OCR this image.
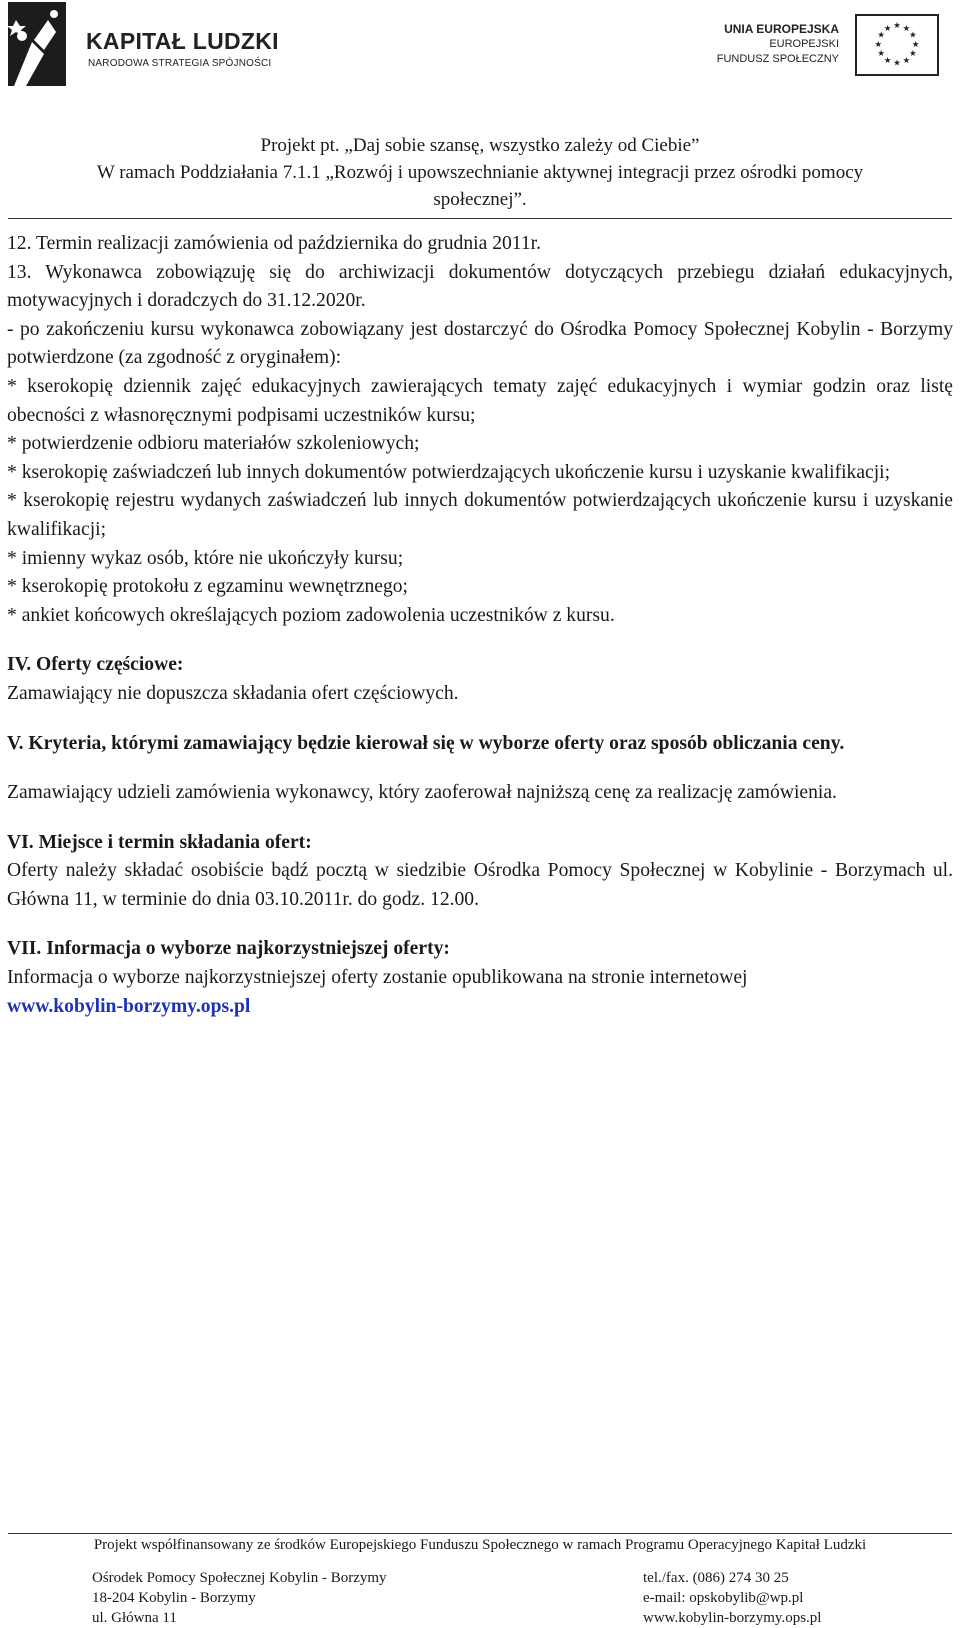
KAPITAŁ LUDZKI
NARODOWA STRATEGIA SPÓJNOŚCI
UNIA EUROPEJSKA
EUROPEJSKI
FUNDUSZ SPOŁECZNY
★ ★
★
★
★
★
★
★
★
★
★
★
Projekt pt. „Daj sobie szansę, wszystko zależy od Ciebie”
W ramach Poddziałania 7.1.1 „Rozwój i upowszechnianie aktywnej integracji przez ośrodki pomocy
społecznej”.

12. Termin realizacji zamówienia od października do grudnia 2011r.

13. Wykonawca zobowiązuję się do archiwizacji dokumentów dotyczących przebiegu działań edukacyjnych, motywacyjnych i doradczych do 31.12.2020r.

- po zakończeniu kursu wykonawca zobowiązany jest dostarczyć do Ośrodka Pomocy Społecznej Kobylin - Borzymy potwierdzone (za zgodność z oryginałem):

* kserokopię dziennik zajęć edukacyjnych zawierających tematy zajęć edukacyjnych i wymiar godzin oraz listę obecności z własnoręcznymi podpisami uczestników kursu;

* potwierdzenie odbioru materiałów szkoleniowych;

* kserokopię zaświadczeń lub innych dokumentów potwierdzających ukończenie kursu i uzyskanie kwalifikacji;

* kserokopię rejestru wydanych zaświadczeń lub innych dokumentów potwierdzających ukończenie kursu i uzyskanie kwalifikacji;

* imienny wykaz osób, które nie ukończyły kursu;

* kserokopię protokołu z egzaminu wewnętrznego;

* ankiet końcowych określających poziom zadowolenia uczestników z kursu.

IV. Oferty częściowe:

Zamawiający nie dopuszcza składania ofert częściowych.

V. Kryteria, którymi zamawiający będzie kierował się w wyborze oferty oraz sposób obliczania ceny.

Zamawiający udzieli zamówienia wykonawcy, który zaoferował najniższą cenę za realizację zamówienia.

VI. Miejsce i termin składania ofert:

Oferty należy składać osobiście bądź pocztą w siedzibie Ośrodka Pomocy Społecznej w Kobylinie - Borzymach ul. Główna 11, w terminie do dnia 03.10.2011r. do godz. 12.00.

VII. Informacja o wyborze najkorzystniejszej oferty:

Informacja o wyborze najkorzystniejszej oferty zostanie opublikowana na stronie internetowej

www.kobylin-borzymy.ops.pl

Projekt współfinansowany ze środków Europejskiego Funduszu Społecznego w ramach Programu Operacyjnego Kapitał Ludzki
Ośrodek Pomocy Społecznej Kobylin - Borzymy
18-204 Kobylin - Borzymy
ul. Główna 11
tel./fax. (086) 274 30 25
e-mail: opskobylib@wp.pl
www.kobylin-borzymy.ops.pl
